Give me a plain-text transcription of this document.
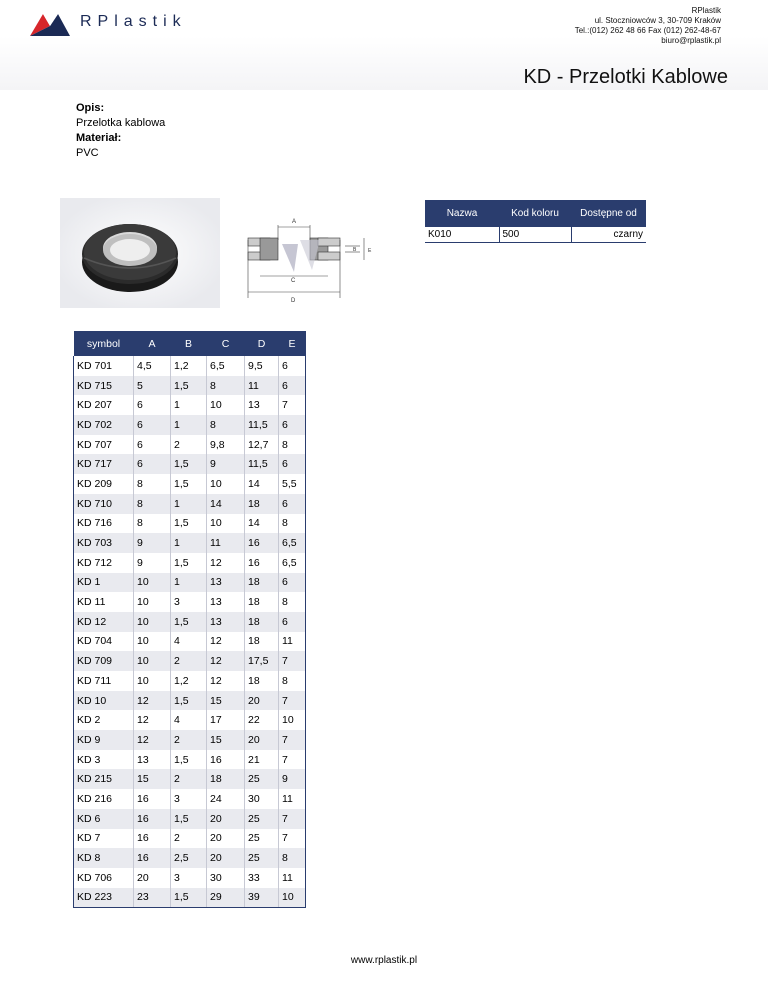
RPlastik
RPlastik
ul. Stoczniowców 3, 30-709 Kraków
Tel.:(012) 262 48 66 Fax (012) 262-48-67
biuro@rplastik.pl
KD - Przelotki Kablowe
Opis:
Przelotka kablowa
Materiał:
PVC
A
B E
C
D
Nazwa	Kod koloru	Dostępne od
K010	500	czarny
symbol	A	B	C	D	E
KD 701	4,5	1,2	6,5	9,5	6
KD 715	5	1,5	8	11	6
KD 207	6	1	10	13	7
KD 702	6	1	8	11,5	6
KD 707	6	2	9,8	12,7	8
KD 717	6	1,5	9	11,5	6
KD 209	8	1,5	10	14	5,5
KD 710	8	1	14	18	6
KD 716	8	1,5	10	14	8
KD 703	9	1	11	16	6,5
KD 712	9	1,5	12	16	6,5
KD 1	10	1	13	18	6
KD 11	10	3	13	18	8
KD 12	10	1,5	13	18	6
KD 704	10	4	12	18	11
KD 709	10	2	12	17,5	7
KD 711	10	1,2	12	18	8
KD 10	12	1,5	15	20	7
KD 2	12	4	17	22	10
KD 9	12	2	15	20	7
KD 3	13	1,5	16	21	7
KD 215	15	2	18	25	9
KD 216	16	3	24	30	11
KD 6	16	1,5	20	25	7
KD 7	16	2	20	25	7
KD 8	16	2,5	20	25	8
KD 706	20	3	30	33	11
KD 223	23	1,5	29	39	10
www.rplastik.pl
